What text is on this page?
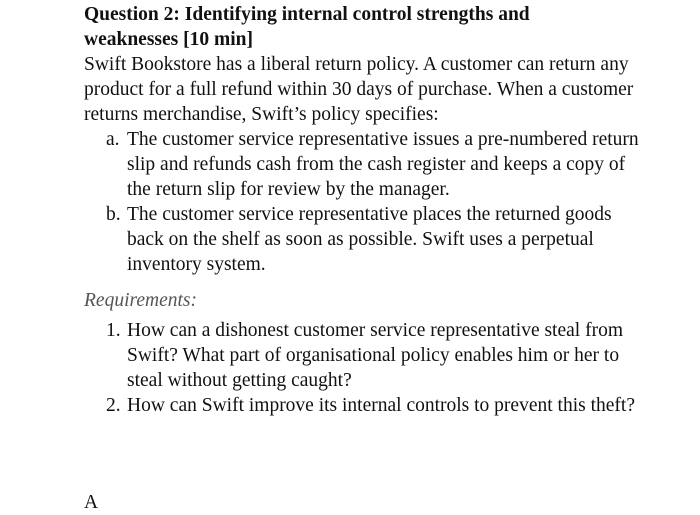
Question 2: Identifying internal control strengths and
weaknesses [10 min]

Swift Bookstore has a liberal return policy. A customer can return any product for a full refund within 30 days of purchase. When a customer returns merchandise, Swift’s policy specifies:

a. The customer service representative issues a pre-numbered return slip and refunds cash from the cash register and keeps a copy of the return slip for review by the manager.
b. The customer service representative places the returned goods back on the shelf as soon as possible. Swift uses a perpetual inventory system.

Requirements:

1. How can a dishonest customer service representative steal from Swift? What part of organisational policy enables him or her to steal without getting caught?
2. How can Swift improve its internal controls to prevent this theft?
A
